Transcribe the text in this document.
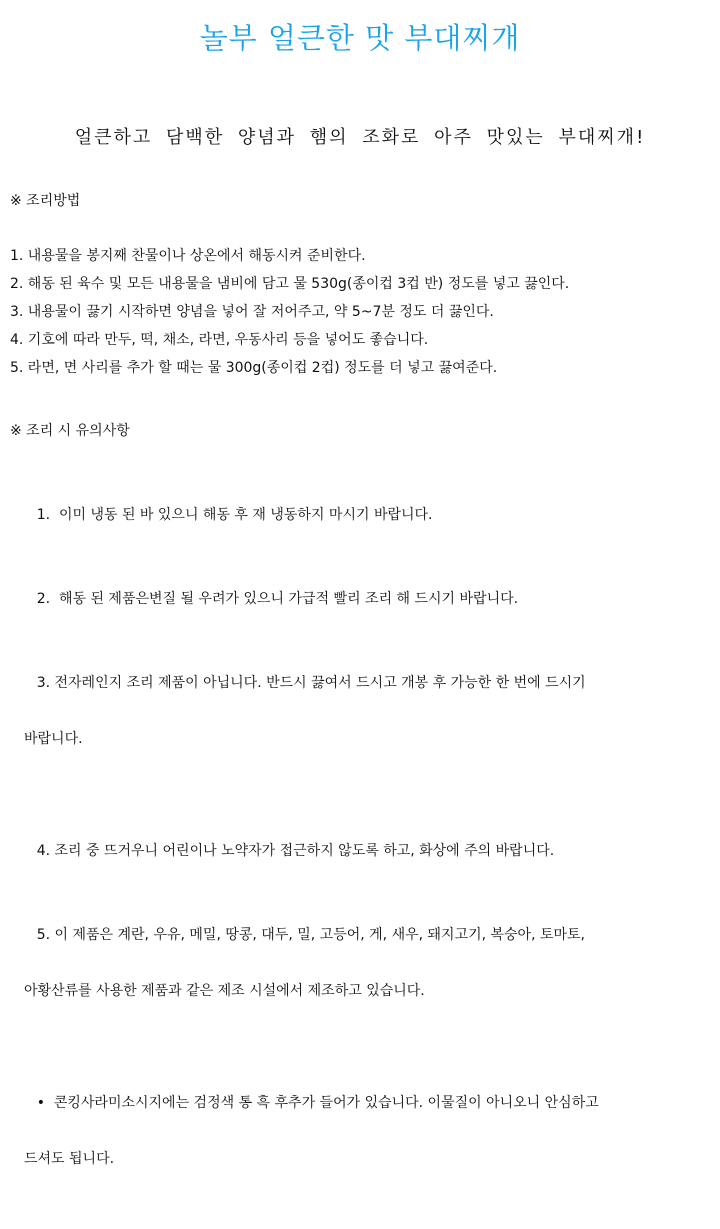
놀부 얼큰한 맛 부대찌개
얼큰하고 담백한 양념과 햄의 조화로 아주 맛있는 부대찌개!
※ 조리방법
1. 내용물을 봉지째 찬물이나 상온에서 해동시켜 준비한다.
2. 해동 된 육수 및 모든 내용물을 냄비에 담고 물 530g(종이컵 3컵 반) 정도를 넣고 끓인다.
3. 내용물이 끓기 시작하면 양념을 넣어 잘 저어주고, 약 5~7분 정도 더 끓인다.
4. 기호에 따라 만두, 떡, 채소, 라면, 우동사리 등을 넣어도 좋습니다.
5. 라면, 면 사리를 추가 할 때는 물 300g(종이컵 2컵) 정도를 더 넣고 끓여준다.
※ 조리 시 유의사항

1.  이미 냉동 된 바 있으니 해동 후 재 냉동하지 마시기 바랍니다.

2.  해동 된 제품은변질 될 우려가 있으니 가급적 빨리 조리 해 드시기 바랍니다.

3. 전자레인지 조리 제품이 아닙니다. 반드시 끓여서 드시고 개봉 후 가능한 한 번에 드시기

바랍니다.

4. 조리 중 뜨거우니 어린이나 노약자가 접근하지 않도록 하고, 화상에 주의 바랍니다.

5. 이 제품은 계란, 우유, 메밀, 땅콩, 대두, 밀, 고등어, 게, 새우, 돼지고기, 복숭아, 토마토,

아황산류를 사용한 제품과 같은 제조 시설에서 제조하고 있습니다.

•  콘킹사라미소시지에는 검정색 통 흑 후추가 들어가 있습니다. 이물질이 아니오니 안심하고

드셔도 됩니다.
